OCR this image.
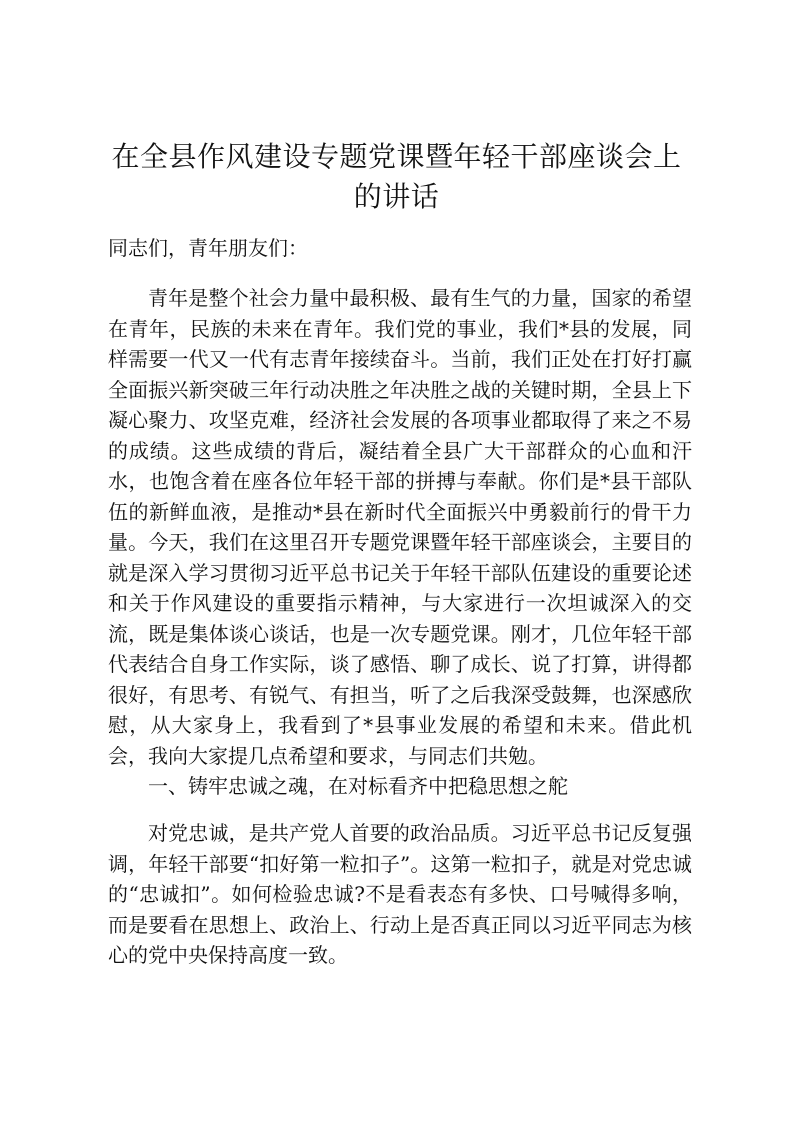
在全县作风建设专题党课暨年轻干部座谈会上的讲话

同志们，青年朋友们：

青年是整个社会力量中最积极、最有生气的力量，国家的希望在青年，民族的未来在青年。我们党的事业，我们*县的发展，同样需要一代又一代有志青年接续奋斗。当前，我们正处在打好打赢全面振兴新突破三年行动决胜之年决胜之战的关键时期，全县上下凝心聚力、攻坚克难，经济社会发展的各项事业都取得了来之不易的成绩。这些成绩的背后，凝结着全县广大干部群众的心血和汗水，也饱含着在座各位年轻干部的拼搏与奉献。你们是*县干部队伍的新鲜血液，是推动*县在新时代全面振兴中勇毅前行的骨干力量。今天，我们在这里召开专题党课暨年轻干部座谈会，主要目的就是深入学习贯彻习近平总书记关于年轻干部队伍建设的重要论述和关于作风建设的重要指示精神，与大家进行一次坦诚深入的交流，既是集体谈心谈话，也是一次专题党课。刚才，几位年轻干部代表结合自身工作实际，谈了感悟、聊了成长、说了打算，讲得都很好，有思考、有锐气、有担当，听了之后我深受鼓舞，也深感欣慰，从大家身上，我看到了*县事业发展的希望和未来。借此机会，我向大家提几点希望和要求，与同志们共勉。

一、铸牢忠诚之魂，在对标看齐中把稳思想之舵

对党忠诚，是共产党人首要的政治品质。习近平总书记反复强调，年轻干部要“扣好第一粒扣子”。这第一粒扣子，就是对党忠诚的“忠诚扣”。如何检验忠诚?不是看表态有多快、口号喊得多响，而是要看在思想上、政治上、行动上是否真正同以习近平同志为核心的党中央保持高度一致。
